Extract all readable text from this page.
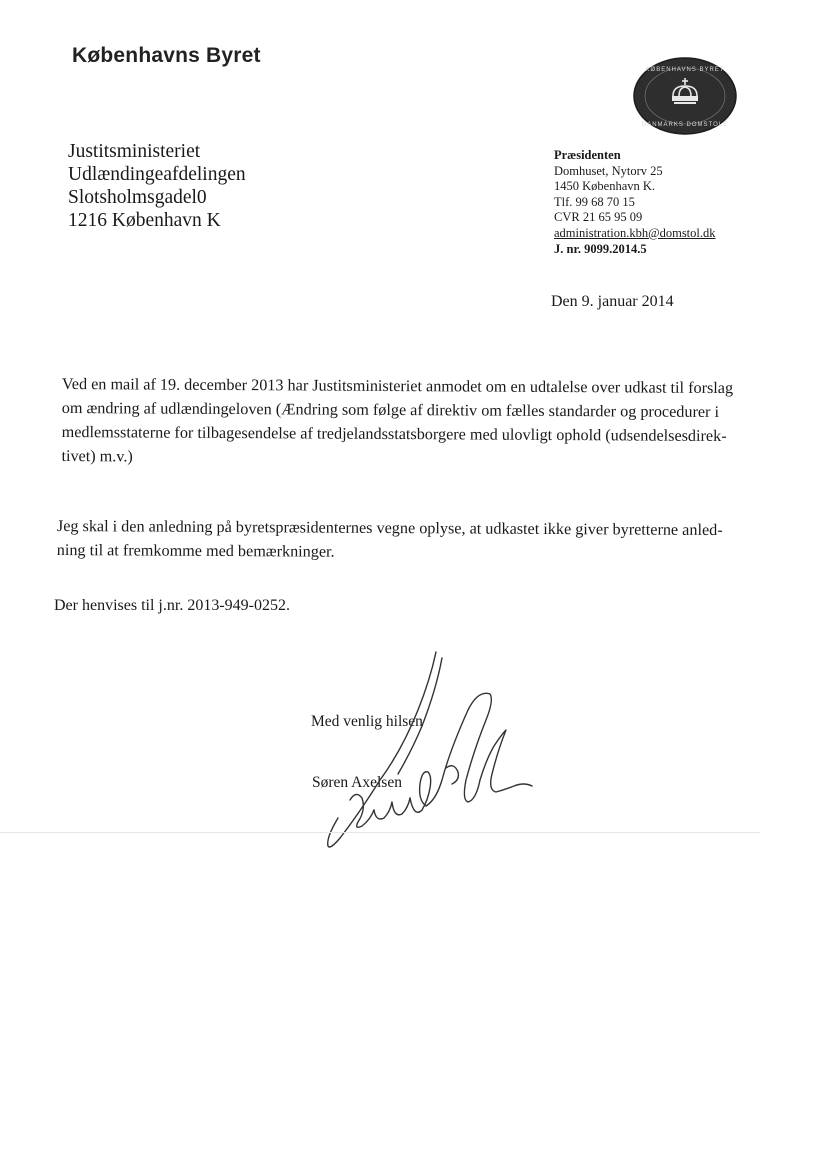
Københavns Byret
KØBENHAVNS BYRET
DANMARKS DOMSTOLE
Justitsministeriet
Udlændingeafdelingen
Slotsholmsgadel0
1216 København K
Præsidenten
Domhuset, Nytorv 25
1450 København K.
Tlf. 99 68 70 15
CVR 21 65 95 09
administration.kbh@domstol.dk
J. nr. 9099.2014.5
Den 9. januar 2014
Ved en mail af 19. december 2013 har Justitsministeriet anmodet om en udtalelse over udkast til forslag
om ændring af udlændingeloven (Ændring som følge af direktiv om fælles standarder og procedurer i
medlemsstaterne for tilbagesendelse af tredjelandsstatsborgere med ulovligt ophold (udsendelsesdirek-
tivet) m.v.)
Jeg skal i den anledning på byretspræsidenternes vegne oplyse, at udkastet ikke giver byretterne anled-
ning til at fremkomme med bemærkninger.
Der henvises til j.nr. 2013-949-0252.
Med venlig hilsen
Søren Axelsen
